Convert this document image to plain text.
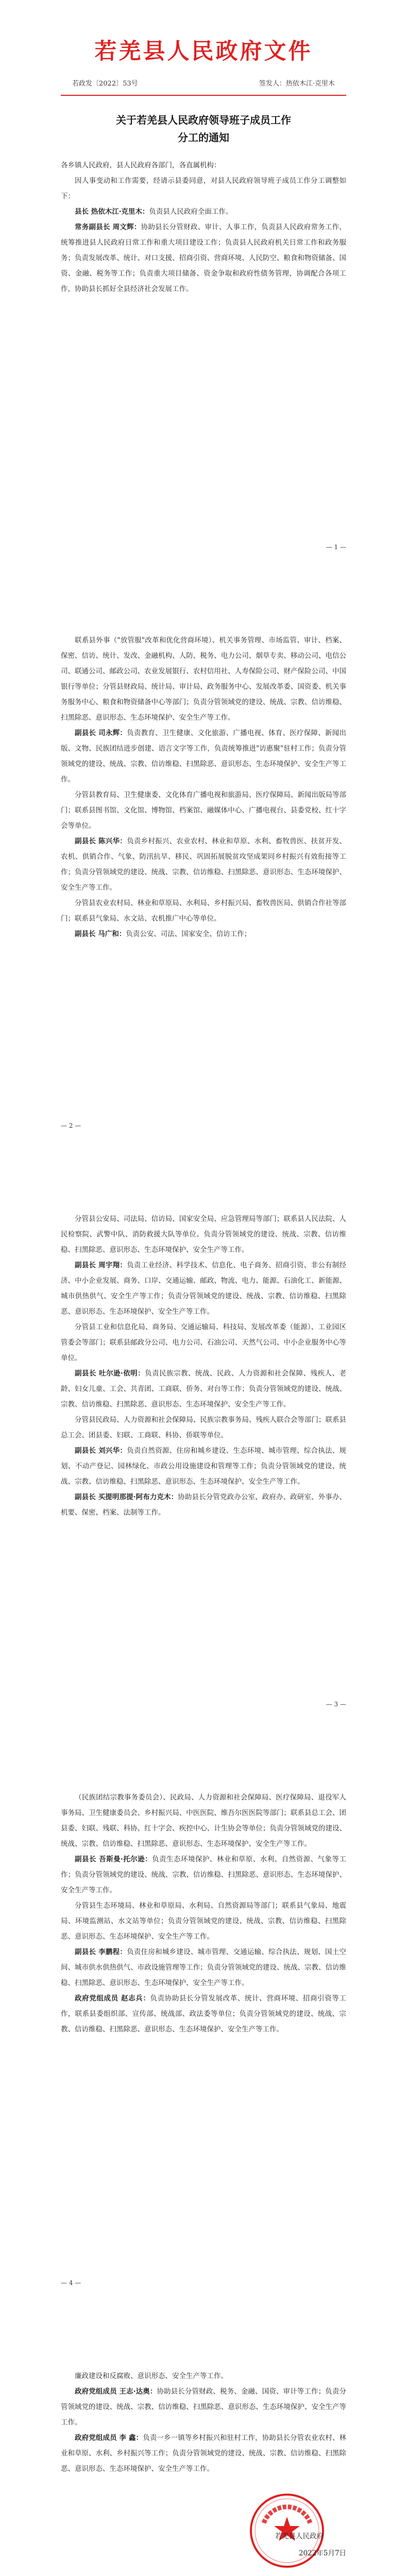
若羌县人民政府文件
若政发〔2022〕53号	签发人：热依木江·克里木
关于若羌县人民政府领导班子成员工作
分工的通知

各乡镇人民政府，县人民政府各部门，各直属机构：

因人事变动和工作需要，经请示县委同意，对县人民政府领导班子成员工作分工调整如下：

县长 热依木江·克里木：负责县人民政府全面工作。

常务副县长 周文辉：协助县长分管财政、审计、人事工作，负责县人民政府常务工作，统筹推进县人民政府日常工作和重大项目建设工作；负责县人民政府机关日常工作和政务服务；负责发展改革、统计、对口支援、招商引资、营商环境、人民防空、粮食和物资储备、国资、金融、税务等工作；负责重大项目储备、资金争取和政府性债务管理，协调配合各项工作，协助县长抓好全县经济社会发展工作。

— 1 —

联系县外事（"放管服"改革和优化营商环境）、机关事务管理、市场监管、审计、档案、保密、信访、统计、发改、金融机构、人防、税务、电力公司、烟草专卖、移动公司、电信公司、联通公司、邮政公司、农业发展银行、农村信用社、人寿保险公司、财产保险公司、中国银行等单位；分管县财政局、统计局、审计局、政务服务中心、发展改革委、国资委、机关事务服务中心、粮食和物资储备中心等部门；负责分管领域党的建设、统战、宗教、信访维稳、扫黑除恶、意识形态、生态环境保护、安全生产等工作。

副县长 司永辉：负责教育、卫生健康、文化旅游、广播电视、体育、医疗保障、新闻出版、文物、民族团结进步创建、语言文字等工作，负责统筹推进"访惠聚"驻村工作；负责分管领域党的建设、统战、宗教、信访维稳、扫黑除恶、意识形态、生态环境保护、安全生产等工作。

分管县教育局、卫生健康委、文化体育广播电视和旅游局、医疗保障局、新闻出版局等部门；联系县图书馆、文化馆、博物馆、档案馆、融媒体中心、广播电视台、县委党校、红十字会等单位。

副县长 陈兴华：负责乡村振兴、农业农村、林业和草原、水利、畜牧兽医、扶贫开发、农机、供销合作、气象、防汛抗旱、移民、巩固拓展脱贫攻坚成果同乡村振兴有效衔接等工作；负责分管领域党的建设、统战、宗教、信访维稳、扫黑除恶、意识形态、生态环境保护、安全生产等工作。

分管县农业农村局、林业和草原局、水利局、乡村振兴局、畜牧兽医局、供销合作社等部门；联系县气象局、水文站、农机推广中心等单位。

副县长 马广和：负责公安、司法、国家安全、信访工作；

— 2 —

分管县公安局、司法局、信访局、国家安全局、应急管理局等部门；联系县人民法院、人民检察院、武警中队、消防救援大队等单位。负责分管领域党的建设、统战、宗教、信访维稳、扫黑除恶、意识形态、生态环境保护、安全生产等工作。

副县长 周宇翔：负责工业经济、科学技术、信息化、电子商务、招商引资、非公有制经济、中小企业发展、商务、口岸、交通运输、邮政、物流、电力、能源、石油化工、新能源、城市供热供气、安全生产等工作；负责分管领域党的建设、统战、宗教、信访维稳、扫黑除恶、意识形态、生态环境保护、安全生产等工作。

分管县工业和信息化局、商务局、交通运输局、科技局、发展改革委（能源）、工业园区管委会等部门；联系县邮政分公司、电力公司、石油公司、天然气公司、中小企业服务中心等单位。

副县长 吐尔逊·依明：负责民族宗教、统战、民政、人力资源和社会保障、残疾人、老龄、妇女儿童、工会、共青团、工商联、侨务、对台等工作；负责分管领域党的建设、统战、宗教、信访维稳、扫黑除恶、意识形态、生态环境保护、安全生产等工作。

分管县民政局、人力资源和社会保障局、民族宗教事务局、残疾人联合会等部门；联系县总工会、团县委、妇联、工商联、科协、侨联等单位。

副县长 刘兴华：负责自然资源、住房和城乡建设、生态环境、城市管理、综合执法、规划、不动产登记、园林绿化、市政公用设施建设和管理等工作；负责分管领域党的建设、统战、宗教、信访维稳、扫黑除恶、意识形态、生态环境保护、安全生产等工作。

副县长 买提明那提·阿布力克木：协助县长分管党政办公室、政府办、政研室、外事办、机要、保密、档案、法制等工作。

— 3 —

（民族团结宗教事务委员会）、民政局、人力资源和社会保障局、医疗保障局、退役军人事务局、卫生健康委员会、乡村振兴局、中医医院、维吾尔医医院等部门；联系县总工会、团县委、妇联、残联、科协、红十字会、疾控中心、计生协会等单位；负责分管领域党的建设、统战、宗教、信访维稳、扫黑除恶、意识形态、生态环境保护、安全生产等工作。

副县长 吾斯曼·托尔逊：负责生态环境保护、林业和草原、水利、自然资源、气象等工作；负责分管领域党的建设、统战、宗教、信访维稳、扫黑除恶、意识形态、生态环境保护、安全生产等工作。

分管县生态环境局、林业和草原局、水利局、自然资源局等部门；联系县气象局、地震局、环境监测站、水文站等单位；负责分管领域党的建设、统战、宗教、信访维稳、扫黑除恶、意识形态、生态环境保护、安全生产等工作。

副县长 李鹏程：负责住房和城乡建设、城市管理、交通运输、综合执法、规划、国土空间、城市供水供热供气、市政设施管理等工作；负责分管领域党的建设、统战、宗教、信访维稳、扫黑除恶、意识形态、生态环境保护、安全生产等工作。

政府党组成员 赵志兵：负责协助县长分管发展改革、统计、营商环境、招商引资等工作，联系县委组织部、宣传部、统战部、政法委等单位；负责分管领域党的建设、统战、宗教、信访维稳、扫黑除恶、意识形态、生态环境保护、安全生产等工作。

— 4 —

廉政建设和反腐败、意识形态、安全生产等工作。

政府党组成员 王志·达奥：协助县长分管财政、税务、金融、国资、审计等工作；负责分管领域党的建设、统战、宗教、信访维稳、扫黑除恶、意识形态、生态环境保护、安全生产等工作。

政府党组成员 李 鑫：负责一乡一镇等乡村振兴和驻村工作，协助县长分管农业农村、林业和草原、水利、乡村振兴等工作；负责分管领域党的建设、统战、宗教、信访维稳、扫黑除恶、意识形态、生态环境保护、安全生产等工作。

若羌县人民政府
2022年5月7日
